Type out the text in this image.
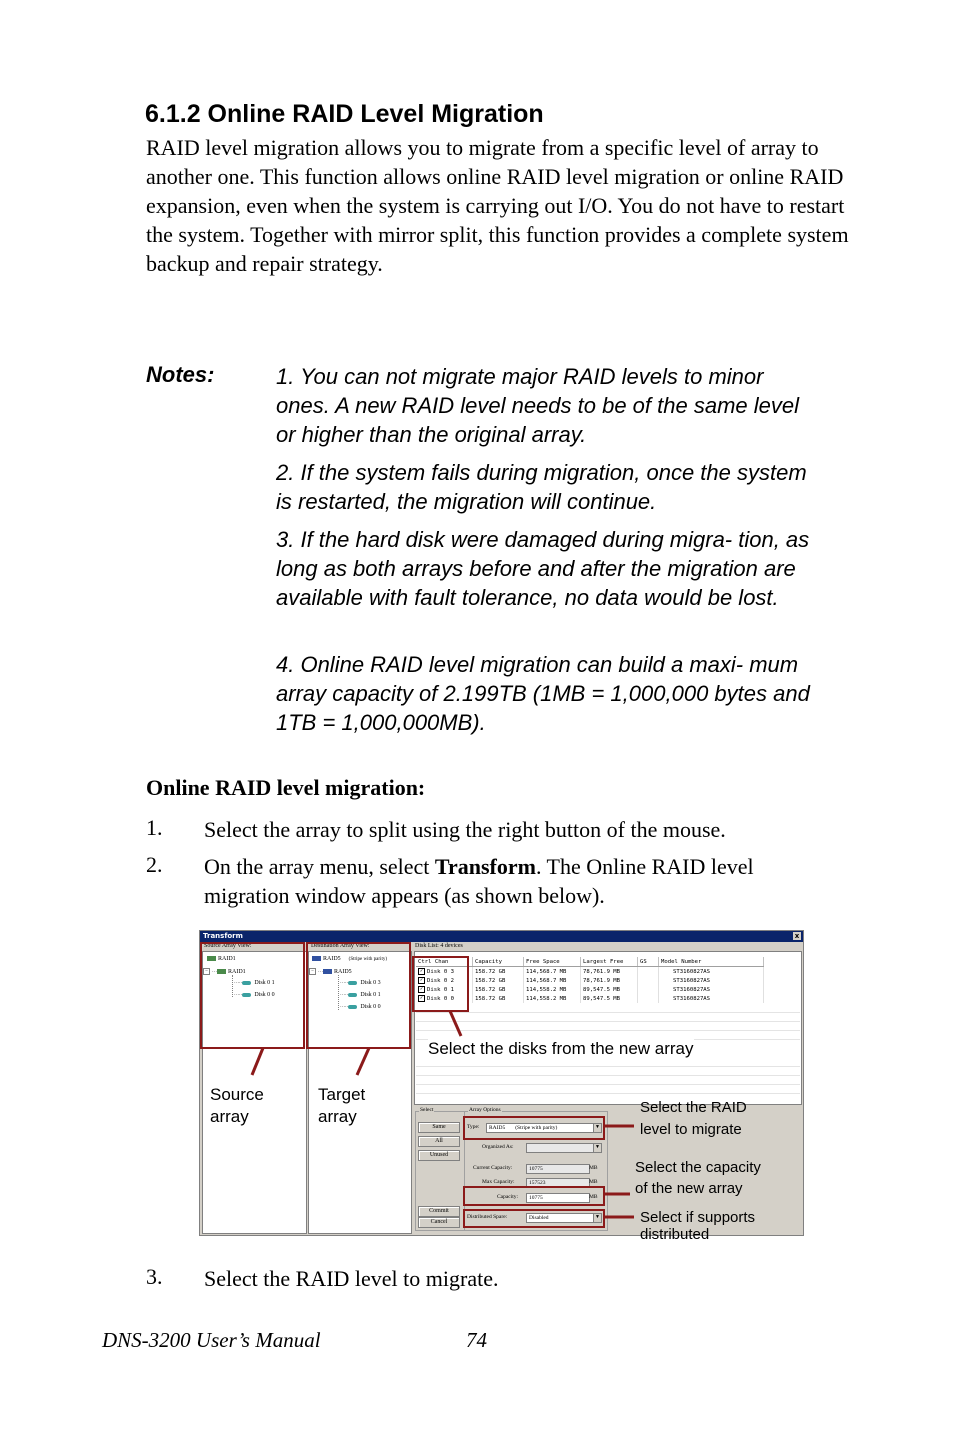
6.1.2 Online RAID Level Migration
RAID level migration allows you to migrate from a specific level of array to another one. This function allows online RAID level migration or online RAID expansion, even when the system is carrying out I/O. You do not have to restart the system. Together with mirror split, this function provides a complete system backup and repair strategy.
Notes:	1. You can not migrate major RAID levels to minor ones. A new RAID level needs to be of the same level or higher than the original array.
2. If the system fails during migration, once the system is restarted, the migration will continue.
3. If the hard disk were damaged during migra- tion, as long as both arrays before and after the migration are available with fault tolerance, no data would be lost.
4. Online RAID level migration can build a maxi- mum array capacity of 2.199TB (1MB = 1,000,000 bytes and 1TB = 1,000,000MB).
Online RAID level migration:
1. Select the array to split using the right button of the mouse.
2. On the array menu, select Transform. The Online RAID level migration window appears (as shown below).
Transform	x
Source Array View:	Destination Array View:	Disk List: 4 devices
RAID1
− ··· RAID1
····· Disk 0 1
····· Disk 0 0
RAID5 (Stripe with parity)
− ··· RAID5
····· Disk 0 3
····· Disk 0 1
····· Disk 0 0
Ctrl Chan	Capacity	Free Space	Largest Free	GS	Model Number
✓ Disk 0 3	158.72 GB	114,568.7 MB	78,761.9 MB		ST3160827AS
✓ Disk 0 2	158.72 GB	114,568.7 MB	78,761.9 MB		ST3160827AS
✓ Disk 0 1	158.72 GB	114,558.2 MB	89,547.5 MB		ST3160827AS
✓ Disk 0 0	158.72 GB	114,558.2 MB	89,547.5 MB		ST3160827AS
Select
Same
All
Unused
Commit
Cancel
Array Options
Type:	RAID5 (Stripe with parity)	▼
Organized As:	▼
Current Capacity:	10775	MB
Max Capacity:	157523	MB
Capacity:	10775	MB
Distributed Spare:	Disabled	▼
Select the disks from the new array
Source
array
Target
array	Select the RAID
level to migrate
Select the capacity
of the new array
Select if supports
distributed
3. Select the RAID level to migrate.
DNS-3200 User’s Manual	74
